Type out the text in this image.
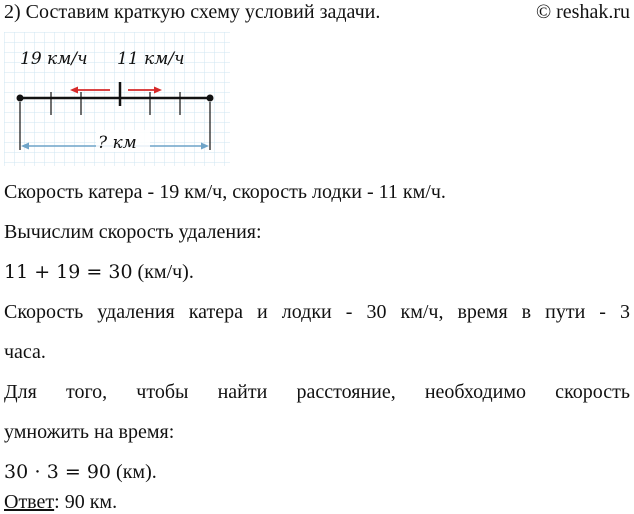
2) Составим краткую схему условий задачи.	© reshak.ru
19 км/ч 11 км/ч
? км
Скорость катера - 19 км/ч, скорость лодки - 11 км/ч.
Вычислим скорость удаления:
11 + 19 = 30 (км/ч).
Скорость удаления катера и лодки - 30 км/ч, время в пути - 3
часа.
Для того, чтобы найти расстояние, необходимо скорость
умножить на время:
30 ⋅ 3 = 90 (км).
Ответ: 90 км.
